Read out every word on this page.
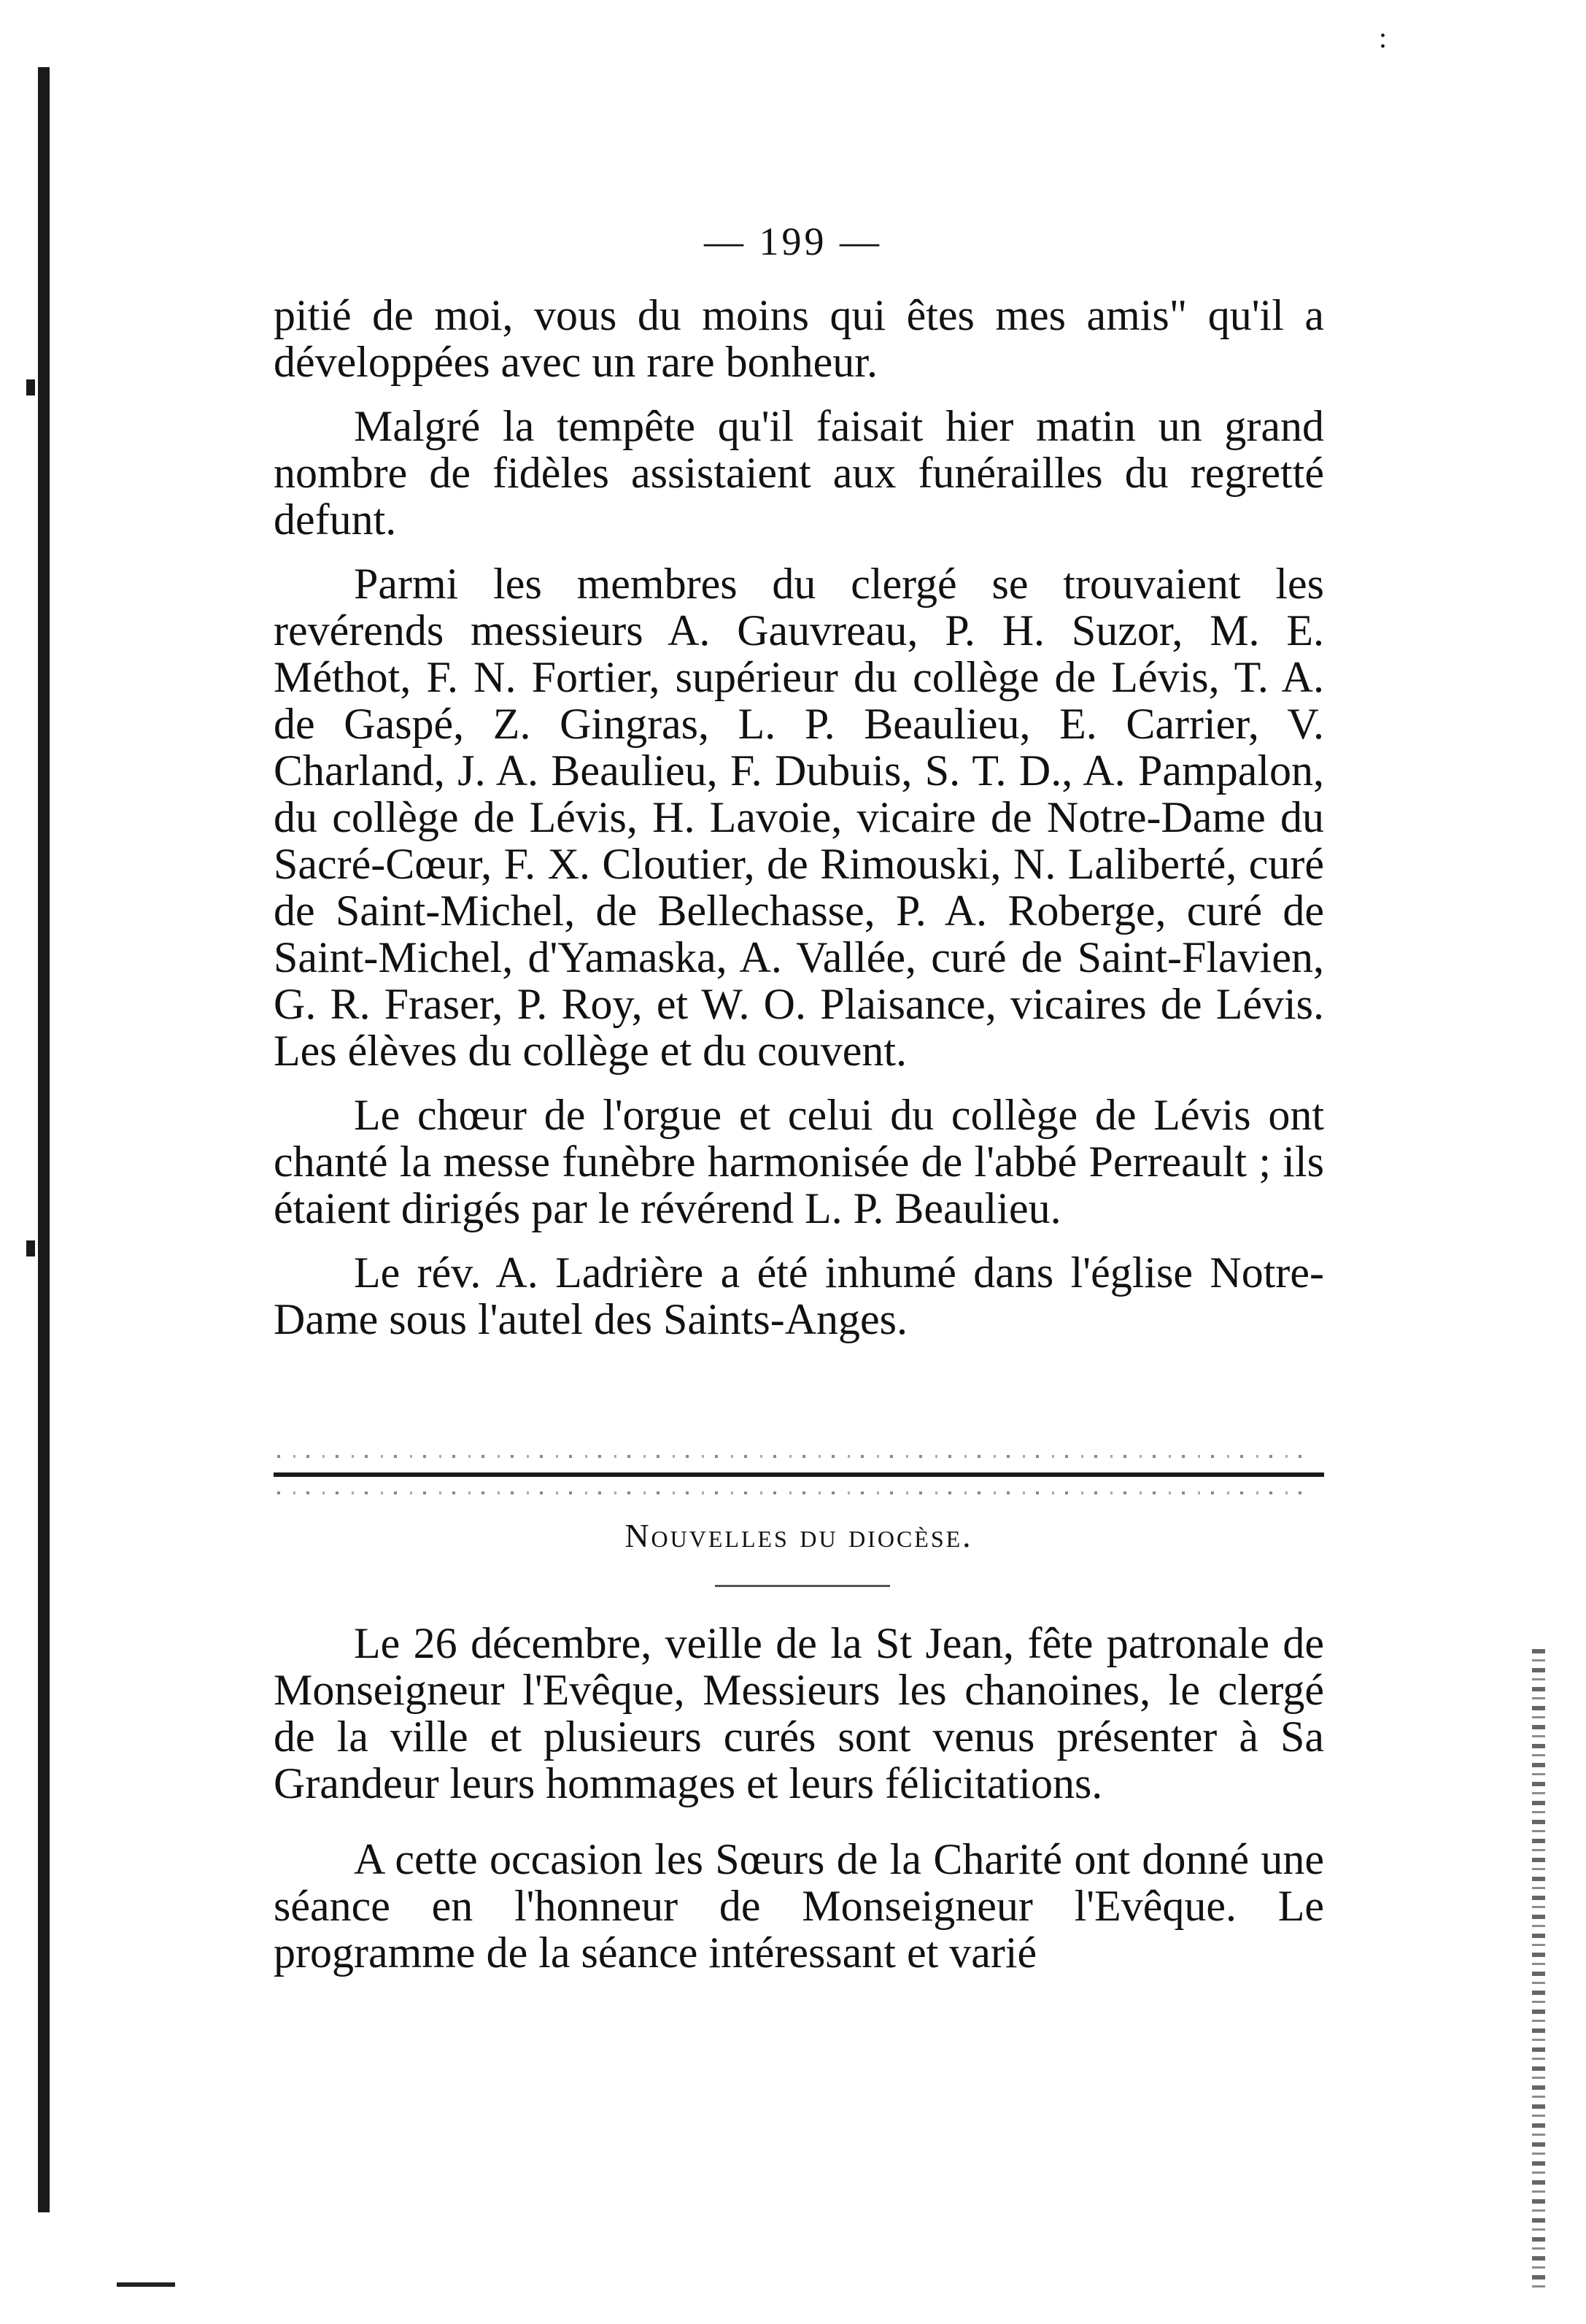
:
— 199 —

pitié de moi, vous du moins qui êtes mes amis" qu'il a développées avec un rare bonheur.

Malgré la tempête qu'il faisait hier matin un grand nombre de fidèles assistaient aux funérailles du regretté defunt.

Parmi les membres du clergé se trouvaient les revérends messieurs A. Gauvreau, P. H. Suzor, M. E. Méthot, F. N. Fortier, supérieur du collège de Lévis, T. A. de Gaspé, Z. Gingras, L. P. Beaulieu, E. Carrier, V. Charland, J. A. Beaulieu, F. Dubuis, S. T. D., A. Pampalon, du collège de Lévis, H. Lavoie, vicaire de Notre-Dame du Sacré-Cœur, F. X. Cloutier, de Rimouski, N. Laliberté, curé de Saint-Michel, de Bellechasse, P. A. Roberge, curé de Saint-Michel, d'Yamaska, A. Vallée, curé de Saint-Flavien, G. R. Fraser, P. Roy, et W. O. Plaisance, vicaires de Lévis. Les élèves du collège et du couvent.

Le chœur de l'orgue et celui du collège de Lévis ont chanté la messe funèbre harmonisée de l'abbé Perreault ; ils étaient dirigés par le révérend L. P. Beaulieu.

Le rév. A. Ladrière a été inhumé dans l'église Notre-Dame sous l'autel des Saints-Anges.

Nouvelles du diocèse.

Le 26 décembre, veille de la St Jean, fête patronale de Monseigneur l'Evêque, Messieurs les chanoines, le clergé de la ville et plusieurs curés sont venus présenter à Sa Grandeur leurs hommages et leurs félicitations.

A cette occasion les Sœurs de la Charité ont donné une séance en l'honneur de Monseigneur l'Evêque. Le programme de la séance intéressant et varié
